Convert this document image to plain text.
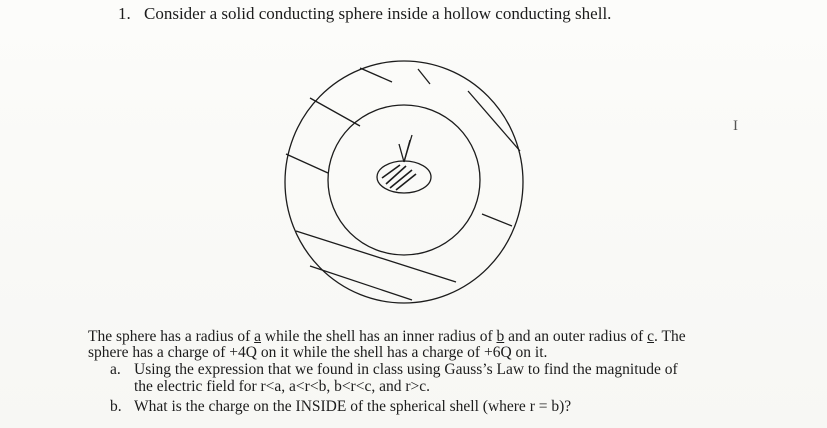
1. Consider a solid conducting sphere inside a hollow conducting shell.
I
The sphere has a radius of a while the shell has an inner radius of b and an outer radius of c. The
sphere has a charge of +4Q on it while the shell has a charge of +6Q on it.
a. Using the expression that we found in class using Gauss’s Law to find the magnitude of
the electric field for r<a, a<r<b, b<r<c, and r>c.
b. What is the charge on the INSIDE of the spherical shell (where r = b)?
